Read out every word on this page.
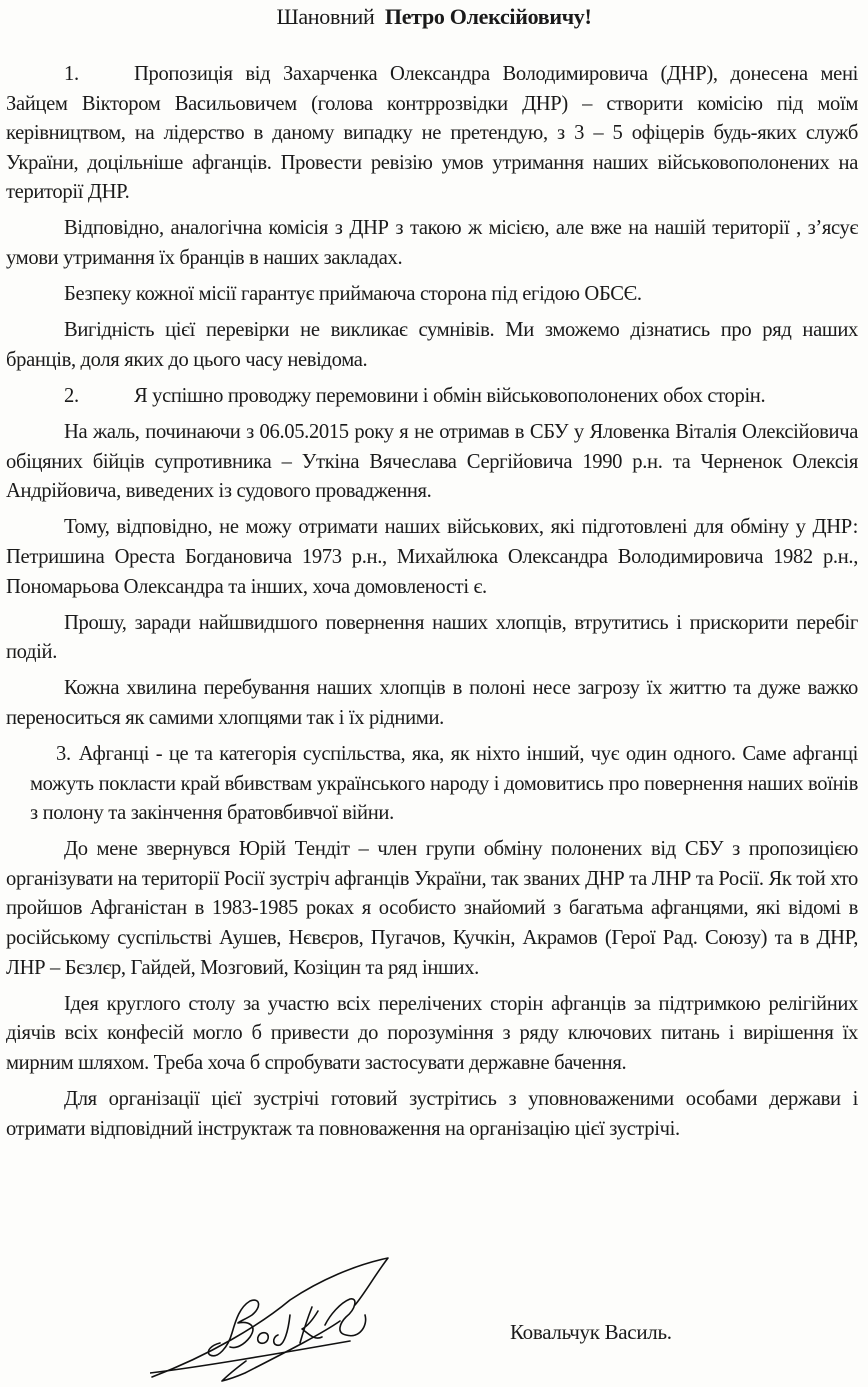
Шановний Петро Олексійовичу!

1.	Пропозиція від Захарченка Олександра Володимировича (ДНР), донесена мені Зайцем Віктором Васильовичем (голова контррозвідки ДНР) – створити комісію під моїм керівництвом, на лідерство в даному випадку не претендую, з 3 – 5 офіцерів будь-яких служб України, доцільніше афганців. Провести ревізію умов утримання наших військовополонених на території ДНР.

Відповідно, аналогічна комісія з ДНР з такою ж місією, але вже на нашій території , з’ясує умови утримання їх бранців в наших закладах.

Безпеку кожної місії гарантує приймаюча сторона під егідою ОБСЄ.

Вигідність цієї перевірки не викликає сумнівів. Ми зможемо дізнатись про ряд наших бранців, доля яких до цього часу невідома.

2.	Я успішно проводжу перемовини і обмін військовополонених обох сторін.

На жаль, починаючи з 06.05.2015 року я не отримав в СБУ у Яловенка Віталія Олексійовича обіцяних бійців супротивника – Уткіна Вячеслава Сергійовича 1990 р.н. та Черненок Олексія Андрійовича, виведених із судового провадження.

Тому, відповідно, не можу отримати наших військових, які підготовлені для обміну у ДНР: Петришина Ореста Богдановича 1973 р.н., Михайлюка Олександра Володимировича 1982 р.н., Пономарьова Олександра та інших, хоча домовленості є.

Прошу, заради найшвидшого повернення наших хлопців, втрутитись і прискорити перебіг подій.

Кожна хвилина перебування наших хлопців в полоні несе загрозу їх життю та дуже важко переноситься як самими хлопцями так і їх рідними.

3. Афганці - це та категорія суспільства, яка, як ніхто інший, чує один одного. Саме афганці можуть покласти край вбивствам українського народу і домовитись про повернення наших воїнів з полону та закінчення братовбивчої війни.

До мене звернувся Юрій Тендіт – член групи обміну полонених від СБУ з пропозицією організувати на території Росії зустріч афганців України, так званих ДНР та ЛНР та Росії. Як той хто пройшов Афганістан в 1983-1985 роках я особисто знайомий з багатьма афганцями, які відомі в російському суспільстві Аушев, Нєвєров, Пугачов, Кучкін, Акрамов (Герої Рад. Союзу) та в ДНР, ЛНР – Бєзлєр, Гайдей, Мозговий, Козіцин та ряд інших.

Ідея круглого столу за участю всіх перелічених сторін афганців за підтримкою релігійних діячів всіх конфесій могло б привести до порозуміння з ряду ключових питань і вирішення їх мирним шляхом. Треба хоча б спробувати застосувати державне бачення.

Для організації цієї зустрічі готовий зустрітись з уповноваженими особами держави і отримати відповідний інструктаж та повноваження на організацію цієї зустрічі.

Ковальчук Василь.
